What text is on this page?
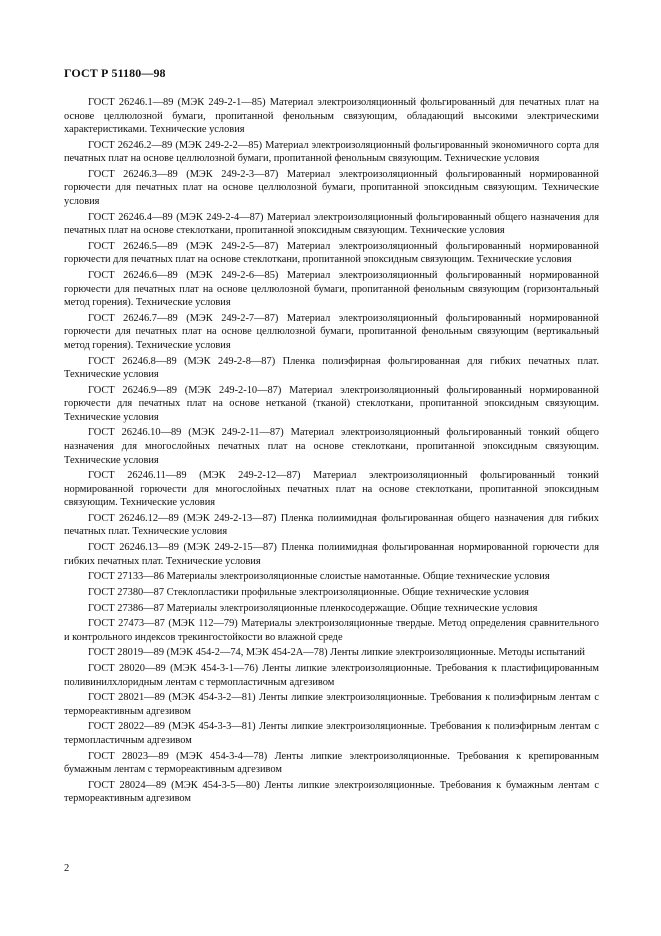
ГОСТ Р 51180—98

ГОСТ 26246.1—89 (МЭК 249-2-1—85) Материал электроизоляционный фольгированный для печатных плат на основе целлюлозной бумаги, пропитанной фенольным связующим, обладающий высокими электрическими характеристиками. Технические условия

ГОСТ 26246.2—89 (МЭК 249-2-2—85) Материал электроизоляционный фольгированный экономичного сорта для печатных плат на основе целлюлозной бумаги, пропитанной фенольным связующим. Технические условия

ГОСТ 26246.3—89 (МЭК 249-2-3—87) Материал электроизоляционный фольгированный нормированной горючести для печатных плат на основе целлюлозной бумаги, пропитанной эпоксидным связующим. Технические условия

ГОСТ 26246.4—89 (МЭК 249-2-4—87) Материал электроизоляционный фольгированный общего назначения для печатных плат на основе стеклоткани, пропитанной эпоксидным связующим. Технические условия

ГОСТ 26246.5—89 (МЭК 249-2-5—87) Материал электроизоляционный фольгированный нормированной горючести для печатных плат на основе стеклоткани, пропитанной эпоксидным связующим. Технические условия

ГОСТ 26246.6—89 (МЭК 249-2-6—85) Материал электроизоляционный фольгированный нормированной горючести для печатных плат на основе целлюлозной бумаги, пропитанной фенольным связующим (горизонтальный метод горения). Технические условия

ГОСТ 26246.7—89 (МЭК 249-2-7—87) Материал электроизоляционный фольгированный нормированной горючести для печатных плат на основе целлюлозной бумаги, пропитанной фенольным связующим (вертикальный метод горения). Технические условия

ГОСТ 26246.8—89 (МЭК 249-2-8—87) Пленка полиэфирная фольгированная для гибких печатных плат. Технические условия

ГОСТ 26246.9—89 (МЭК 249-2-10—87) Материал электроизоляционный фольгированный нормированной горючести для печатных плат на основе нетканой (тканой) стеклоткани, пропитанной эпоксидным связующим. Технические условия

ГОСТ 26246.10—89 (МЭК 249-2-11—87) Материал электроизоляционный фольгированный тонкий общего назначения для многослойных печатных плат на основе стеклоткани, пропитанной эпоксидным связующим. Технические условия

ГОСТ 26246.11—89 (МЭК 249-2-12—87) Материал электроизоляционный фольгированный тонкий нормированной горючести для многослойных печатных плат на основе стеклоткани, пропитанной эпоксидным связующим. Технические условия

ГОСТ 26246.12—89 (МЭК 249-2-13—87) Пленка полиимидная фольгированная общего назначения для гибких печатных плат. Технические условия

ГОСТ 26246.13—89 (МЭК 249-2-15—87) Пленка полиимидная фольгированная нормированной горючести для гибких печатных плат. Технические условия

ГОСТ 27133—86 Материалы электроизоляционные слоистые намотанные. Общие технические условия

ГОСТ 27380—87 Стеклопластики профильные электроизоляционные. Общие технические условия

ГОСТ 27386—87 Материалы электроизоляционные пленкосодержащие. Общие технические условия

ГОСТ 27473—87 (МЭК 112—79) Материалы электроизоляционные твердые. Метод определения сравнительного и контрольного индексов трекингостойкости во влажной среде

ГОСТ 28019—89 (МЭК 454-2—74, МЭК 454-2А—78) Ленты липкие электроизоляционные. Методы испытаний

ГОСТ 28020—89 (МЭК 454-3-1—76) Ленты липкие электроизоляционные. Требования к пластифицированным поливинилхлоридным лентам с термопластичным адгезивом

ГОСТ 28021—89 (МЭК 454-3-2—81) Ленты липкие электроизоляционные. Требования к полиэфирным лентам с термореактивным адгезивом

ГОСТ 28022—89 (МЭК 454-3-3—81) Ленты липкие электроизоляционные. Требования к полиэфирным лентам с термопластичным адгезивом

ГОСТ 28023—89 (МЭК 454-3-4—78) Ленты липкие электроизоляционные. Требования к крепированным бумажным лентам с термореактивным адгезивом

ГОСТ 28024—89 (МЭК 454-3-5—80) Ленты липкие электроизоляционные. Требования к бумажным лентам с термореактивным адгезивом

2
